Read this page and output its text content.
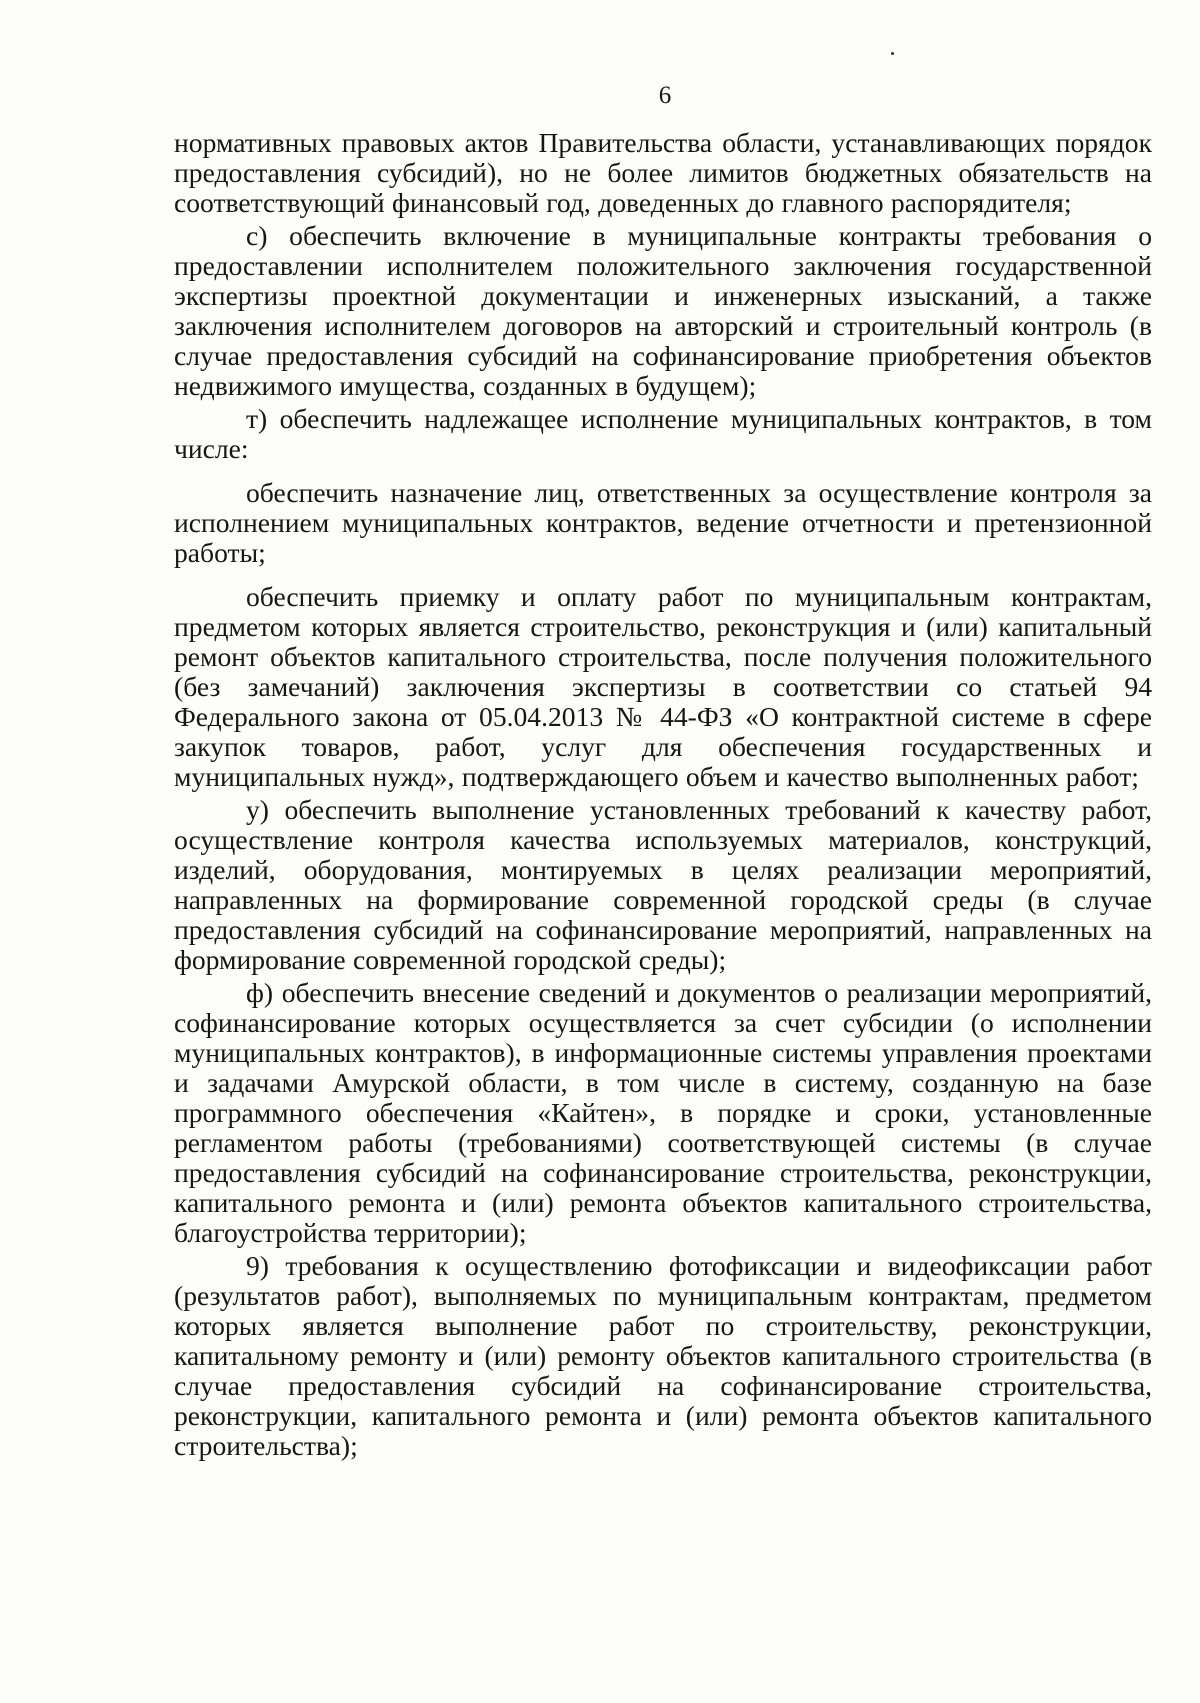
6

нормативных правовых актов Правительства области, устанавливающих порядок предоставления субсидий), но не более лимитов бюджетных обязательств на соответствующий финансовый год, доведенных до главного распорядителя;

с) обеспечить включение в муниципальные контракты требования о предоставлении исполнителем положительного заключения государственной экспертизы проектной документации и инженерных изысканий, а также заключения исполнителем договоров на авторский и строительный контроль (в случае предоставления субсидий на софинансирование приобретения объектов недвижимого имущества, созданных в будущем);

т) обеспечить надлежащее исполнение муниципальных контрактов, в том числе:

обеспечить назначение лиц, ответственных за осуществление контроля за исполнением муниципальных контрактов, ведение отчетности и претензионной работы;

обеспечить приемку и оплату работ по муниципальным контрактам, предметом которых является строительство, реконструкция и (или) капитальный ремонт объектов капитального строительства, после получения положительного (без замечаний) заключения экспертизы в соответствии со статьей 94 Федерального закона от 05.04.2013 № 44-ФЗ «О контрактной системе в сфере закупок товаров, работ, услуг для обеспечения государственных и муниципальных нужд», подтверждающего объем и качество выполненных работ;

у) обеспечить выполнение установленных требований к качеству работ, осуществление контроля качества используемых материалов, конструкций, изделий, оборудования, монтируемых в целях реализации мероприятий, направленных на формирование современной городской среды (в случае предоставления субсидий на софинансирование мероприятий, направленных на формирование современной городской среды);

ф) обеспечить внесение сведений и документов о реализации мероприятий, софинансирование которых осуществляется за счет субсидии (о исполнении муниципальных контрактов), в информационные системы управления проектами и задачами Амурской области, в том числе в систему, созданную на базе программного обеспечения «Кайтен», в порядке и сроки, установленные регламентом работы (требованиями) соответствующей системы (в случае предоставления субсидий на софинансирование строительства, реконструкции, капитального ремонта и (или) ремонта объектов капитального строительства, благоустройства территории);

9) требования к осуществлению фотофиксации и видеофиксации работ (результатов работ), выполняемых по муниципальным контрактам, предметом которых является выполнение работ по строительству, реконструкции, капитальному ремонту и (или) ремонту объектов капитального строительства (в случае предоставления субсидий на софинансирование строительства, реконструкции, капитального ремонта и (или) ремонта объектов капитального строительства);
